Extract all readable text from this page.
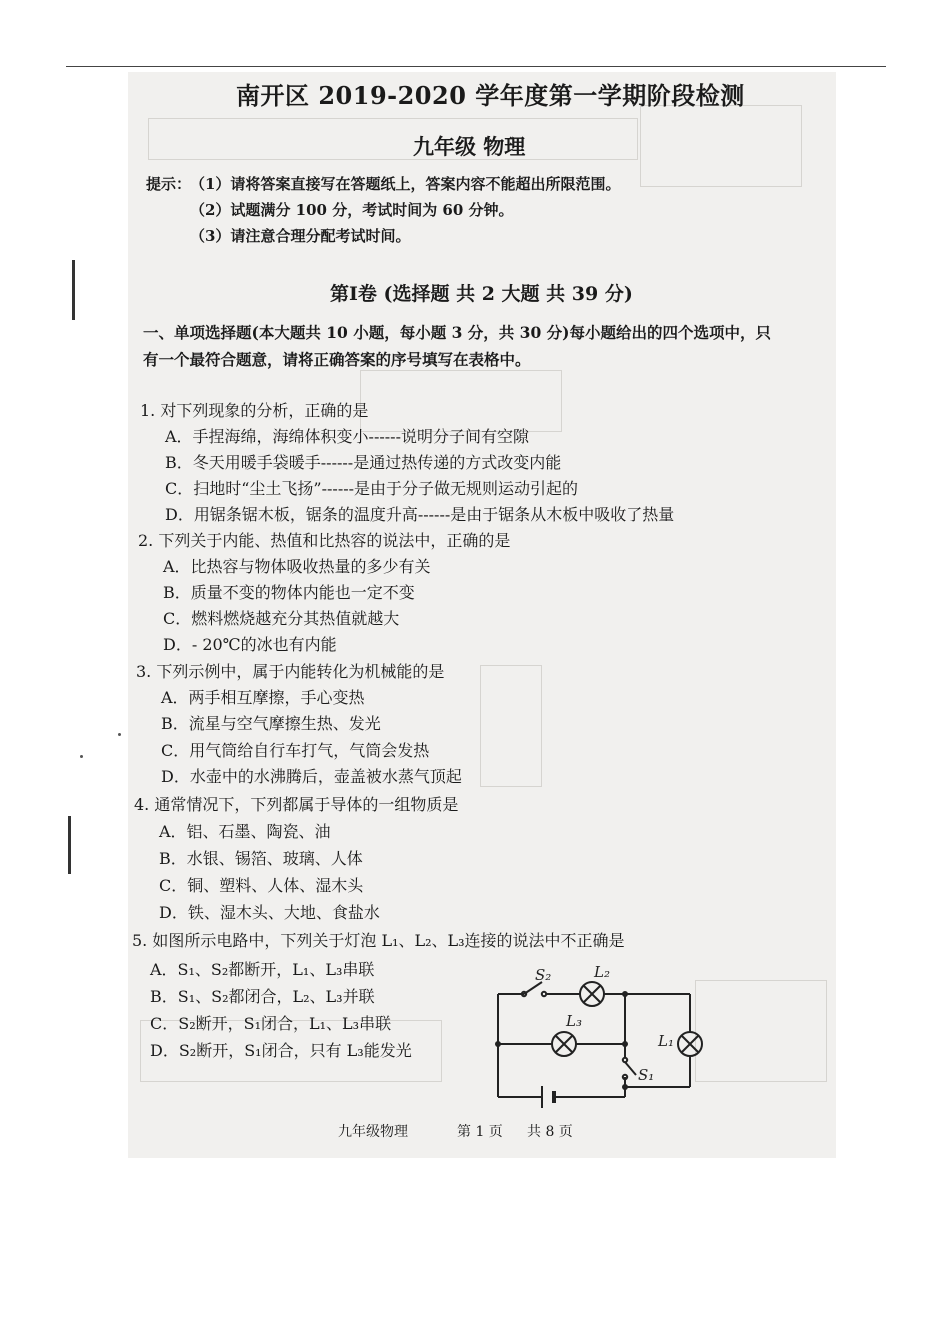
南开区 2019-2020 学年度第一学期阶段检测
九年级 物理
提示：
（1）请将答案直接写在答题纸上，答案内容不能超出所限范围。
（2）试题满分 100 分，考试时间为 60 分钟。
（3）请注意合理分配考试时间。
第Ⅰ卷 (选择题 共 2 大题 共 39 分)
一、单项选择题(本大题共 10 小题，每小题 3 分，共 30 分)每小题给出的四个选项中，只
有一个最符合题意，请将正确答案的序号填写在表格中。
1. 对下列现象的分析，正确的是
A．手捏海绵，海绵体积变小------说明分子间有空隙
B．冬天用暖手袋暖手------是通过热传递的方式改变内能
C．扫地时“尘土飞扬”------是由于分子做无规则运动引起的
D．用锯条锯木板，锯条的温度升高------是由于锯条从木板中吸收了热量
2. 下列关于内能、热值和比热容的说法中，正确的是
A．比热容与物体吸收热量的多少有关
B．质量不变的物体内能也一定不变
C．燃料燃烧越充分其热值就越大
D．- 20℃的冰也有内能
3. 下列示例中，属于内能转化为机械能的是
A．两手相互摩擦，手心变热
B．流星与空气摩擦生热、发光
C．用气筒给自行车打气，气筒会发热
D．水壶中的水沸腾后，壶盖被水蒸气顶起
4. 通常情况下，下列都属于导体的一组物质是
A．铝、石墨、陶瓷、油
B．水银、锡箔、玻璃、人体
C．铜、塑料、人体、湿木头
D．铁、湿木头、大地、食盐水
5. 如图所示电路中，下列关于灯泡 L₁、L₂、L₃连接的说法中不正确是
A．S₁、S₂都断开，L₁、L₃串联
B．S₁、S₂都闭合，L₂、L₃并联
C．S₂断开，S₁闭合，L₁、L₃串联
D．S₂断开，S₁闭合，只有 L₃能发光
S₂	L₂
L₃
L₁
S₁
九年级物理	第 1 页 共 8 页
